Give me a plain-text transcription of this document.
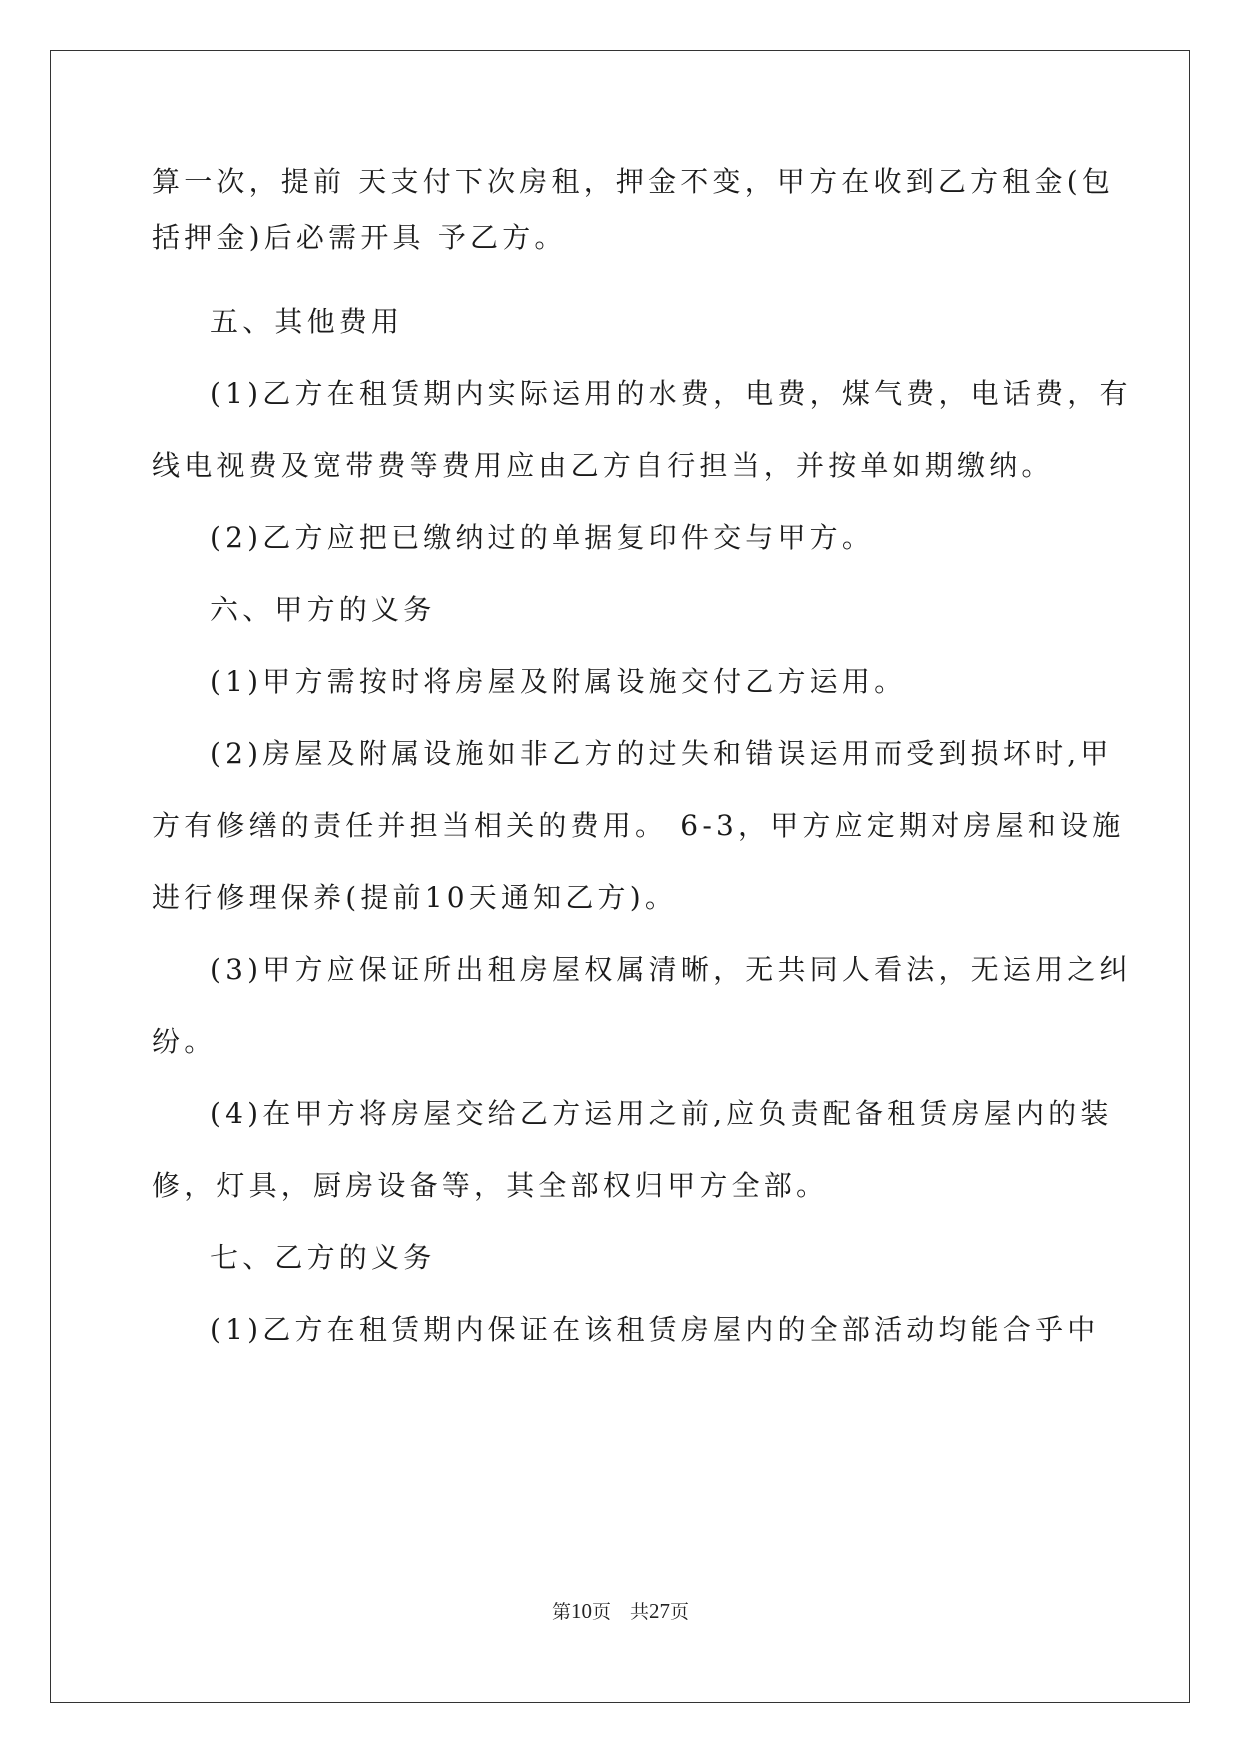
算一次，提前 天支付下次房租，押金不变，甲方在收到乙方租金(包
括押金)后必需开具 予乙方。
五、其他费用
(1)乙方在租赁期内实际运用的水费，电费，煤气费，电话费，有
线电视费及宽带费等费用应由乙方自行担当，并按单如期缴纳。
(2)乙方应把已缴纳过的单据复印件交与甲方。
六、甲方的义务
(1)甲方需按时将房屋及附属设施交付乙方运用。
(2)房屋及附属设施如非乙方的过失和错误运用而受到损坏时,甲
方有修缮的责任并担当相关的费用。 6-3，甲方应定期对房屋和设施
进行修理保养(提前10天通知乙方)。
(3)甲方应保证所出租房屋权属清晰，无共同人看法，无运用之纠
纷。
(4)在甲方将房屋交给乙方运用之前,应负责配备租赁房屋内的装
修，灯具，厨房设备等，其全部权归甲方全部。
七、乙方的义务
(1)乙方在租赁期内保证在该租赁房屋内的全部活动均能合乎中
第10页　共27页
